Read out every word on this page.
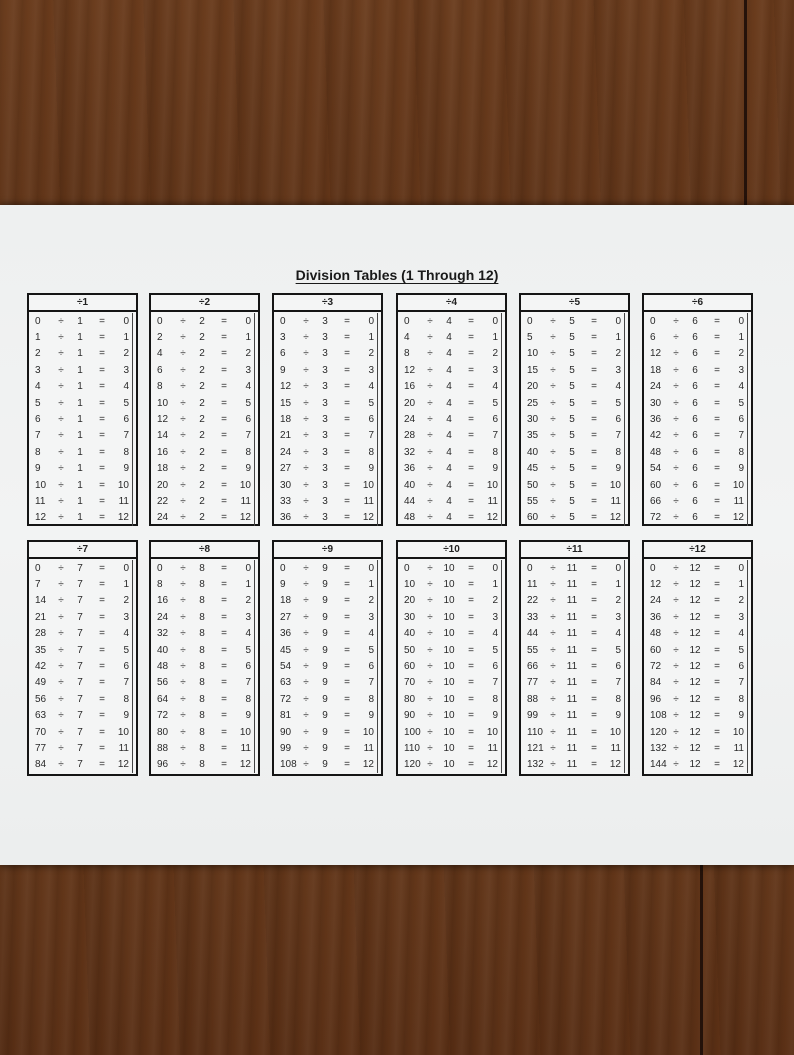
Division Tables (1 Through 12)
÷1
0	÷	1	=	0
1	÷	1	=	1
2	÷	1	=	2
3	÷	1	=	3
4	÷	1	=	4
5	÷	1	=	5
6	÷	1	=	6
7	÷	1	=	7
8	÷	1	=	8
9	÷	1	=	9
10	÷	1	=	10
11	÷	1	=	11
12	÷	1	=	12
÷2
0	÷	2	=	0
2	÷	2	=	1
4	÷	2	=	2
6	÷	2	=	3
8	÷	2	=	4
10	÷	2	=	5
12	÷	2	=	6
14	÷	2	=	7
16	÷	2	=	8
18	÷	2	=	9
20	÷	2	=	10
22	÷	2	=	11
24	÷	2	=	12
÷3
0	÷	3	=	0
3	÷	3	=	1
6	÷	3	=	2
9	÷	3	=	3
12	÷	3	=	4
15	÷	3	=	5
18	÷	3	=	6
21	÷	3	=	7
24	÷	3	=	8
27	÷	3	=	9
30	÷	3	=	10
33	÷	3	=	11
36	÷	3	=	12
÷4
0	÷	4	=	0
4	÷	4	=	1
8	÷	4	=	2
12	÷	4	=	3
16	÷	4	=	4
20	÷	4	=	5
24	÷	4	=	6
28	÷	4	=	7
32	÷	4	=	8
36	÷	4	=	9
40	÷	4	=	10
44	÷	4	=	11
48	÷	4	=	12
÷5
0	÷	5	=	0
5	÷	5	=	1
10	÷	5	=	2
15	÷	5	=	3
20	÷	5	=	4
25	÷	5	=	5
30	÷	5	=	6
35	÷	5	=	7
40	÷	5	=	8
45	÷	5	=	9
50	÷	5	=	10
55	÷	5	=	11
60	÷	5	=	12
÷6
0	÷	6	=	0
6	÷	6	=	1
12	÷	6	=	2
18	÷	6	=	3
24	÷	6	=	4
30	÷	6	=	5
36	÷	6	=	6
42	÷	6	=	7
48	÷	6	=	8
54	÷	6	=	9
60	÷	6	=	10
66	÷	6	=	11
72	÷	6	=	12
÷7
0	÷	7	=	0
7	÷	7	=	1
14	÷	7	=	2
21	÷	7	=	3
28	÷	7	=	4
35	÷	7	=	5
42	÷	7	=	6
49	÷	7	=	7
56	÷	7	=	8
63	÷	7	=	9
70	÷	7	=	10
77	÷	7	=	11
84	÷	7	=	12
÷8
0	÷	8	=	0
8	÷	8	=	1
16	÷	8	=	2
24	÷	8	=	3
32	÷	8	=	4
40	÷	8	=	5
48	÷	8	=	6
56	÷	8	=	7
64	÷	8	=	8
72	÷	8	=	9
80	÷	8	=	10
88	÷	8	=	11
96	÷	8	=	12
÷9
0	÷	9	=	0
9	÷	9	=	1
18	÷	9	=	2
27	÷	9	=	3
36	÷	9	=	4
45	÷	9	=	5
54	÷	9	=	6
63	÷	9	=	7
72	÷	9	=	8
81	÷	9	=	9
90	÷	9	=	10
99	÷	9	=	11
108 ÷	9	=	12
÷10
0	÷	10	=	0
10	÷	10	=	1
20	÷	10	=	2
30	÷	10	=	3
40	÷	10	=	4
50	÷	10	=	5
60	÷	10	=	6
70	÷	10	=	7
80	÷	10	=	8
90	÷	10	=	9
100 ÷	10	=	10
110 ÷	10	=	11
120 ÷	10	=	12
÷11
0	÷	11	=	0
11	÷	11	=	1
22	÷	11	=	2
33	÷	11	=	3
44	÷	11	=	4
55	÷	11	=	5
66	÷	11	=	6
77	÷	11	=	7
88	÷	11	=	8
99	÷	11	=	9
110 ÷	11	=	10
121 ÷	11	=	11
132 ÷	11	=	12
÷12
0	÷	12	=	0
12	÷	12	=	1
24	÷	12	=	2
36	÷	12	=	3
48	÷	12	=	4
60	÷	12	=	5
72	÷	12	=	6
84	÷	12	=	7
96	÷	12	=	8
108 ÷	12	=	9
120 ÷	12	=	10
132 ÷	12	=	11
144 ÷	12	=	12
